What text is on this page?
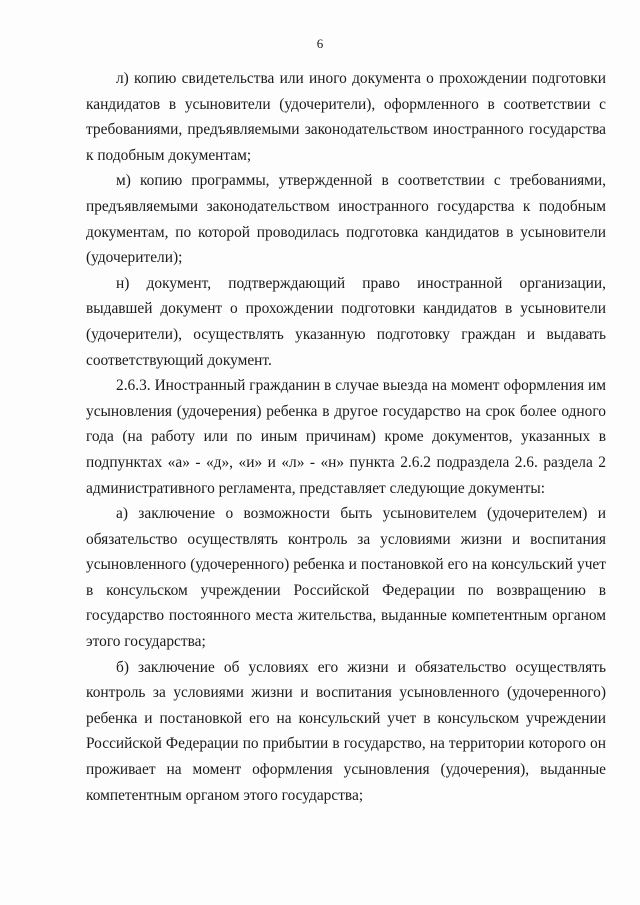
6

л) копию свидетельства или иного документа о прохождении подготовки кандидатов в усыновители (удочерители), оформленного в соответствии с требованиями, предъявляемыми законодательством иностранного государства к подобным документам;

м) копию программы, утвержденной в соответствии с требованиями, предъявляемыми законодательством иностранного государства к подобным документам, по которой проводилась подготовка кандидатов в усыновители (удочерители);

н) документ, подтверждающий право иностранной организации, выдавшей документ о прохождении подготовки кандидатов в усыновители (удочерители), осуществлять указанную подготовку граждан и выдавать соответствующий документ.

2.6.3. Иностранный гражданин в случае выезда на момент оформления им усыновления (удочерения) ребенка в другое государство на срок более одного года (на работу или по иным причинам) кроме документов, указанных в подпунктах «а» - «д», «и» и «л» - «н» пункта 2.6.2 подраздела 2.6. раздела 2 административного регламента, представляет следующие документы:

а) заключение о возможности быть усыновителем (удочерителем) и обязательство осуществлять контроль за условиями жизни и воспитания усыновленного (удочеренного) ребенка и постановкой его на консульский учет в консульском учреждении Российской Федерации по возвращению в государство постоянного места жительства, выданные компетентным органом этого государства;

б) заключение об условиях его жизни и обязательство осуществлять контроль за условиями жизни и воспитания усыновленного (удочеренного) ребенка и постановкой его на консульский учет в консульском учреждении Российской Федерации по прибытии в государство, на территории которого он проживает на момент оформления усыновления (удочерения), выданные компетентным органом этого государства;
